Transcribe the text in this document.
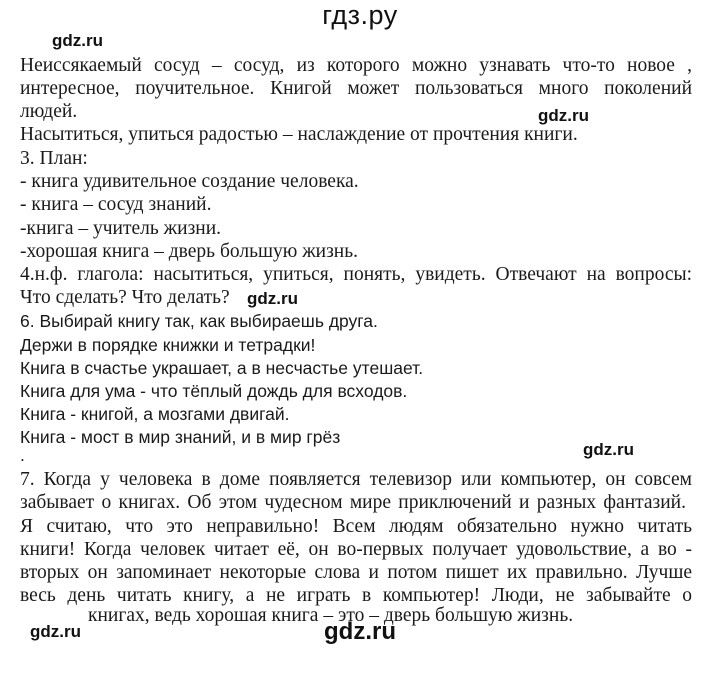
гдз.ру
gdz.ru
gdz.ru
gdz.ru
gdz.ru
gdz.ru	gdz.ru
Неиссякаемый сосуд – сосуд, из которого можно узнавать что-то новое ,
интересное, поучительное. Книгой может пользоваться много поколений
людей.
Насытиться, упиться радостью – наслаждение от прочтения книги.
3. План:
- книга удивительное создание человека.
- книга – сосуд знаний.
-книга – учитель жизни.
-хорошая книга – дверь большую жизнь.
4.н.ф. глагола: насытиться, упиться, понять, увидеть. Отвечают на вопросы:
Что сделать? Что делать?
6. Выбирай книгу так, как выбираешь друга.
Держи в порядке книжки и тетрадки!
Книга в счастье украшает, а в несчастье утешает.
Книга для ума - что тёплый дождь для всходов.
Книга - книгой, а мозгами двигай.
Книга - мост в мир знаний, и в мир грёз
.
7. Когда у человека в доме появляется телевизор или компьютер, он совсем
забывает о книгах. Об этом чудесном мире приключений и разных фантазий.
Я считаю, что это неправильно! Всем людям обязательно нужно читать
книги! Когда человек читает её, он во-первых получает удовольствие, а во -
вторых он запоминает некоторые слова и потом пишет их правильно. Лучше
весь день читать книгу, а не играть в компьютер! Люди, не забывайте о
книгах, ведь хорошая книга – это – дверь большую жизнь.
